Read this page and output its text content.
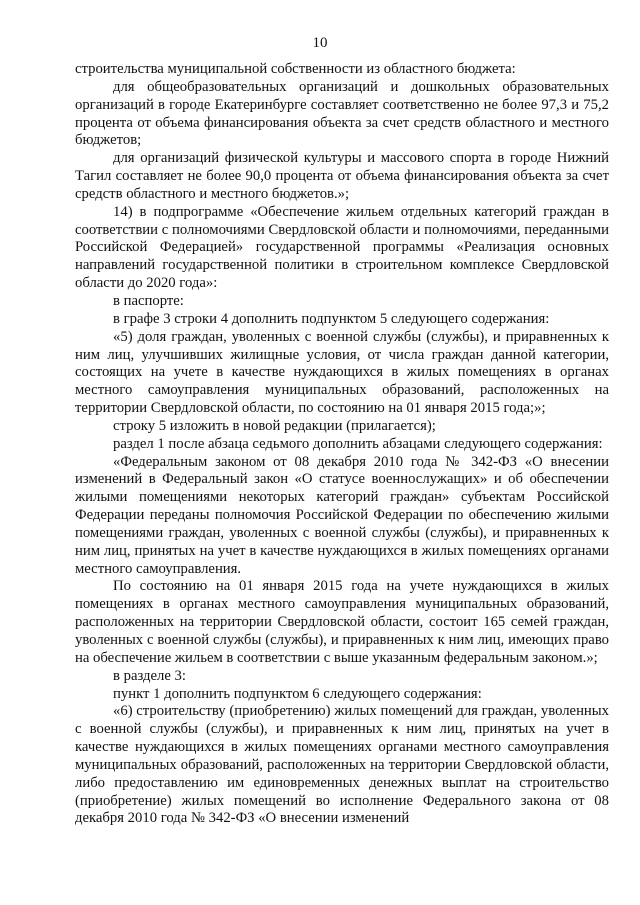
10

строительства муниципальной собственности из областного бюджета:

для общеобразовательных организаций и дошкольных образовательных организаций в городе Екатеринбурге составляет соответственно не более 97,3 и 75,2 процента от объема финансирования объекта за счет средств областного и местного бюджетов;

для организаций физической культуры и массового спорта в городе Нижний Тагил составляет не более 90,0 процента от объема финансирования объекта за счет средств областного и местного бюджетов.»;

14) в подпрограмме «Обеспечение жильем отдельных категорий граждан в соответствии с полномочиями Свердловской области и полномочиями, переданными Российской Федерацией» государственной программы «Реализация основных направлений государственной политики в строительном комплексе Свердловской области до 2020 года»:

в паспорте:

в графе 3 строки 4 дополнить подпунктом 5 следующего содержания:

«5) доля граждан, уволенных с военной службы (службы), и приравненных к ним лиц, улучшивших жилищные условия, от числа граждан данной категории, состоящих на учете в качестве нуждающихся в жилых помещениях в органах местного самоуправления муниципальных образований, расположенных на территории Свердловской области, по состоянию на 01 января 2015 года;»;

строку 5 изложить в новой редакции (прилагается);

раздел 1 после абзаца седьмого дополнить абзацами следующего содержания:

«Федеральным законом от 08 декабря 2010 года № 342-ФЗ «О внесении изменений в Федеральный закон «О статусе военнослужащих» и об обеспечении жилыми помещениями некоторых категорий граждан» субъектам Российской Федерации переданы полномочия Российской Федерации по обеспечению жилыми помещениями граждан, уволенных с военной службы (службы), и приравненных к ним лиц, принятых на учет в качестве нуждающихся в жилых помещениях органами местного самоуправления.

По состоянию на 01 января 2015 года на учете нуждающихся в жилых помещениях в органах местного самоуправления муниципальных образований, расположенных на территории Свердловской области, состоит 165 семей граждан, уволенных с военной службы (службы), и приравненных к ним лиц, имеющих право на обеспечение жильем в соответствии с выше указанным федеральным законом.»;

в разделе 3:

пункт 1 дополнить подпунктом 6 следующего содержания:

«6) строительству (приобретению) жилых помещений для граждан, уволенных с военной службы (службы), и приравненных к ним лиц, принятых на учет в качестве нуждающихся в жилых помещениях органами местного самоуправления муниципальных образований, расположенных на территории Свердловской области, либо предоставлению им единовременных денежных выплат на строительство (приобретение) жилых помещений во исполнение Федерального закона от 08 декабря 2010 года № 342-ФЗ «О внесении изменений
